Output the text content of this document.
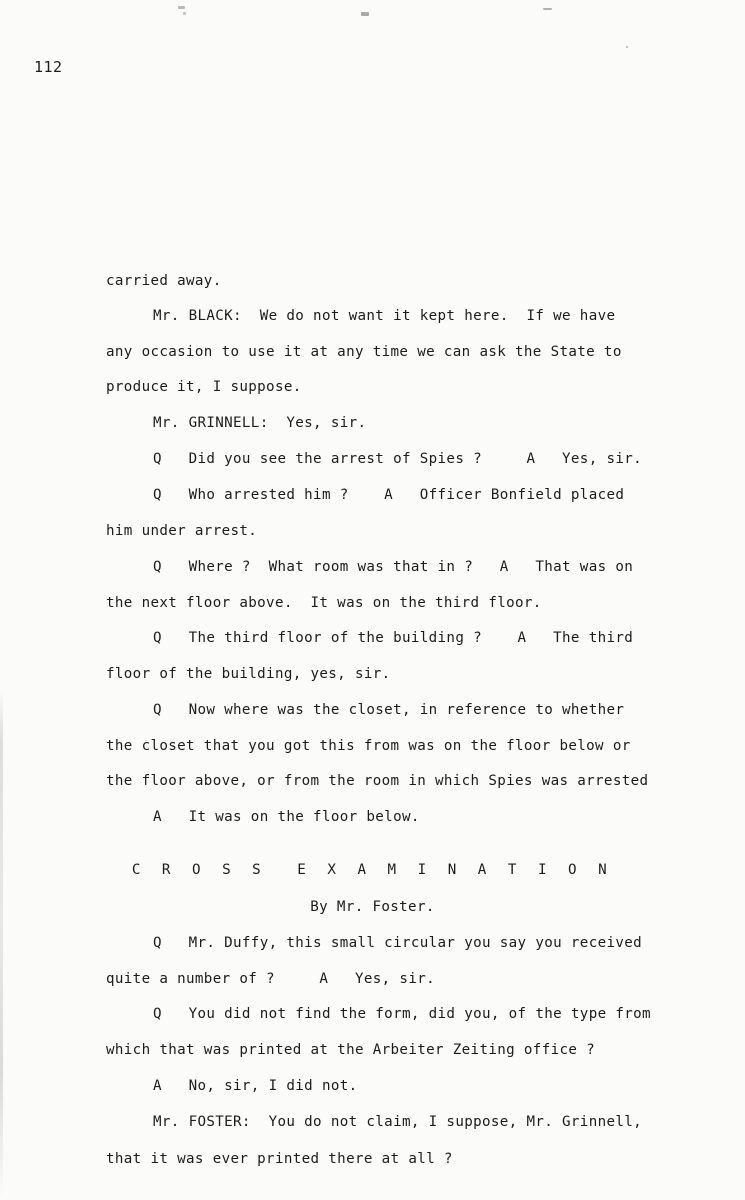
112
carried away.
Mr. BLACK:  We do not want it kept here.  If we have
any occasion to use it at any time we can ask the State to
produce it, I suppose.
Mr. GRINNELL:  Yes, sir.
Q   Did you see the arrest of Spies ?     A   Yes, sir.
Q   Who arrested him ?    A   Officer Bonfield placed
him under arrest.
Q   Where ?  What room was that in ?   A   That was on
the next floor above.  It was on the third floor.
Q   The third floor of the building ?    A   The third
floor of the building, yes, sir.
Q   Now where was the closet, in reference to whether
the closet that you got this from was on the floor below or
the floor above, or from the room in which Spies was arrested
A   It was on the floor below.
C R O S S  E X A M I N A T I O N
By Mr. Foster.
Q   Mr. Duffy, this small circular you say you received
quite a number of ?     A   Yes, sir.
Q   You did not find the form, did you, of the type from
which that was printed at the Arbeiter Zeiting office ?
A   No, sir, I did not.
Mr. FOSTER:  You do not claim, I suppose, Mr. Grinnell,
that it was ever printed there at all ?
